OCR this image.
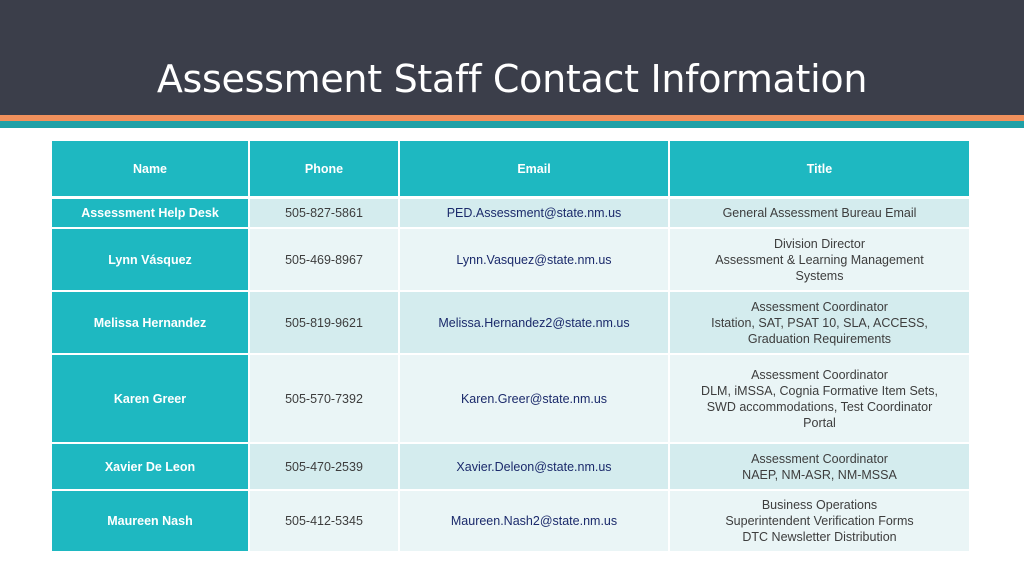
Assessment Staff Contact Information
Name	Phone	Email	Title
Assessment Help Desk	505-827-5861	PED.Assessment@state.nm.us	General Assessment Bureau Email

Lynn Vásquez	505-469-8967	Lynn.Vasquez@state.nm.us	Division Director
Assessment & Learning Management
Systems

Melissa Hernandez	505-819-9621	Melissa.Hernandez2@state.nm.us	Assessment Coordinator
Istation, SAT, PSAT 10, SLA, ACCESS,
Graduation Requirements

Karen Greer	505-570-7392	Karen.Greer@state.nm.us	Assessment Coordinator
DLM, iMSSA, Cognia Formative Item Sets,
SWD accommodations, Test Coordinator
Portal

Xavier De Leon	505-470-2539	Xavier.Deleon@state.nm.us	Assessment Coordinator
NAEP, NM-ASR, NM-MSSA

Maureen Nash	505-412-5345	Maureen.Nash2@state.nm.us	Business Operations
Superintendent Verification Forms
DTC Newsletter Distribution
